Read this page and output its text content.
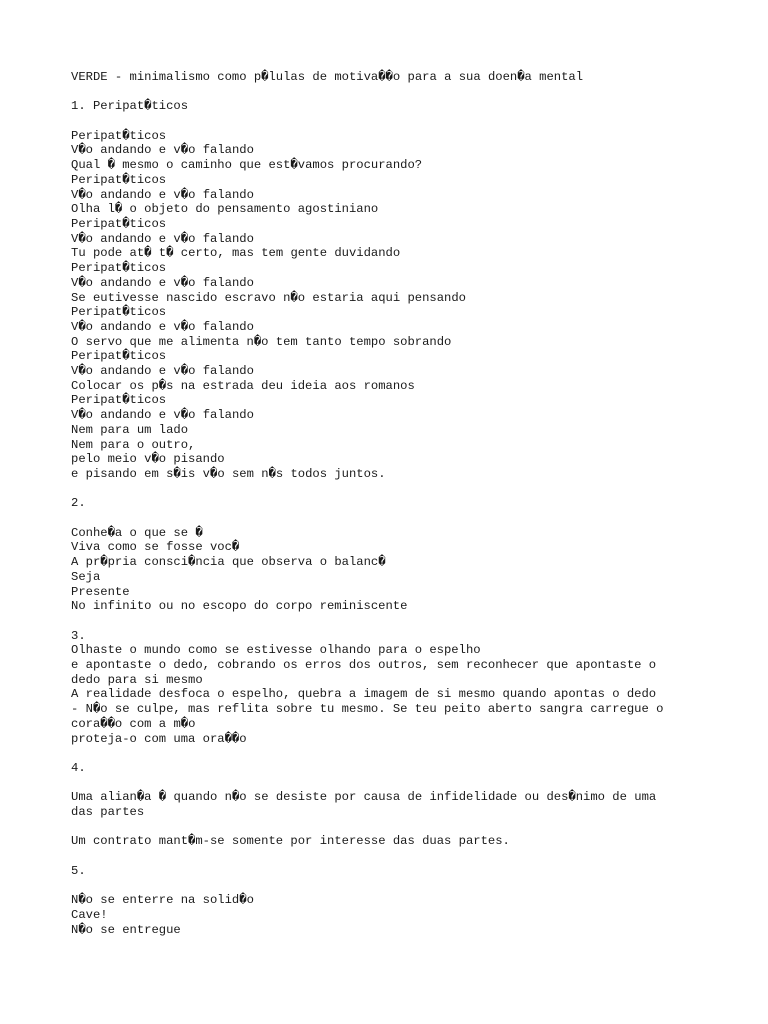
VERDE - minimalismo como p�lulas de motiva��o para a sua doen�a mental
1. Peripat�ticos
Peripat�ticos
V�o andando e v�o falando
Qual � mesmo o caminho que est�vamos procurando?
Peripat�ticos
V�o andando e v�o falando
Olha l� o objeto do pensamento agostiniano
Peripat�ticos
V�o andando e v�o falando
Tu pode at� t� certo, mas tem gente duvidando
Peripat�ticos
V�o andando e v�o falando
Se eutivesse nascido escravo n�o estaria aqui pensando
Peripat�ticos
V�o andando e v�o falando
O servo que me alimenta n�o tem tanto tempo sobrando
Peripat�ticos
V�o andando e v�o falando
Colocar os p�s na estrada deu ideia aos romanos
Peripat�ticos
V�o andando e v�o falando
Nem para um lado
Nem para o outro,
pelo meio v�o pisando
e pisando em s�is v�o sem n�s todos juntos.
2.
Conhe�a o que se �
Viva como se fosse voc�
A pr�pria consci�ncia que observa o balanc�
Seja
Presente
No infinito ou no escopo do corpo reminiscente
3.
Olhaste o mundo como se estivesse olhando para o espelho
e apontaste o dedo, cobrando os erros dos outros, sem reconhecer que apontaste o
dedo para si mesmo
A realidade desfoca o espelho, quebra a imagem de si mesmo quando apontas o dedo
- N�o se culpe, mas reflita sobre tu mesmo. Se teu peito aberto sangra carregue o
cora��o com a m�o
proteja-o com uma ora��o
4.
Uma alian�a � quando n�o se desiste por causa de infidelidade ou des�nimo de uma
das partes
Um contrato mant�m-se somente por interesse das duas partes.
5.
N�o se enterre na solid�o
Cave!
N�o se entregue
